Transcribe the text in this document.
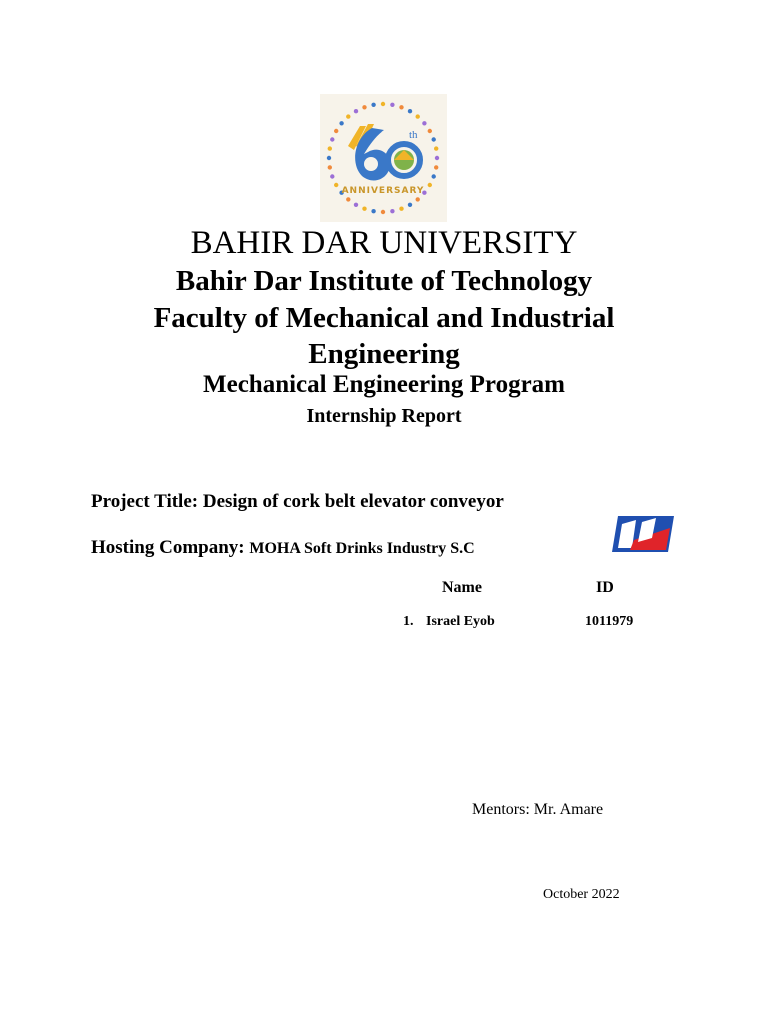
th
ANNIVERSARY
BAHIR DAR UNIVERSITY
Bahir Dar Institute of Technology
Faculty of Mechanical and Industrial
Engineering
Mechanical Engineering Program
Internship Report
Project Title: Design of cork belt elevator conveyor
Hosting Company: MOHA Soft Drinks Industry S.C
Name	ID
1. Israel Eyob	1011979
Mentors: Mr. Amare
October 2022
